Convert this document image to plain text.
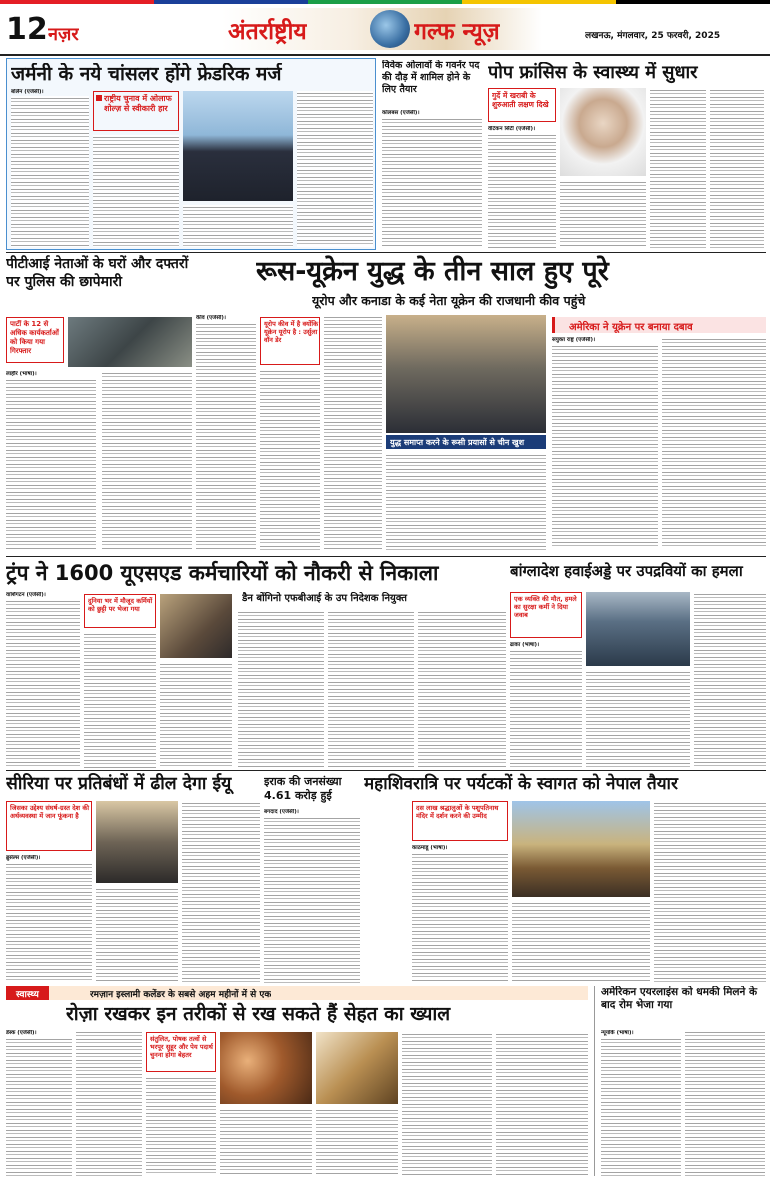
12 नज़र	अंतर्राष्ट्रीय	गल्फ न्यूज़	लखनऊ, मंगलवार, 25 फरवरी, 2025
जर्मनी के नये चांसलर होंगे फ्रेडरिक मर्ज
बर्लिन (एजेंसी)।
राष्ट्रीय चुनाव में ओलाफ शोल्ज़ से स्वीकारी हार
विवेक ओलावों के गवर्नर पद की दौड़ में शामिल होने के लिए तैयार
कोलंबस (एजेंसी)।
पोप फ्रांसिस के स्वास्थ्य में सुधार
गुर्दे में खराबी के शुरुआती लक्षण दिखे
वेटिकन सिटी (एजेंसी)।
पीटीआई नेताओं के घरों और दफ्तरों पर पुलिस की छापेमारी
पार्टी के 12 से अधिक कार्यकर्ताओं को किया गया गिरफ्तार
लाहौर (भाषा)।
रूस-यूक्रेन युद्ध के तीन साल हुए पूरे
यूरोप और कनाडा के कई नेता यूक्रेन की राजधानी कीव पहुंचे
कीव (एजेंसी)।
यूरोप कीव में है क्योंकि यूक्रेन यूरोप है : उर्सुला वॉन डेर
युद्ध समाप्त करने के रूसी प्रयासों से चीन खुश
अमेरिका ने यूक्रेन पर बनाया दबाव
संयुक्त राष्ट्र (एजेंसी)।
ट्रंप ने 1600 यूएसएड कर्मचारियों को नौकरी से निकाला
वाशिंगटन (एजेंसी)।
दुनिया भर में मौजूद कर्मियों को छुट्टी पर भेजा गया
डैन बोंगिनो एफबीआई के उप निदेशक नियुक्त
बांग्लादेश हवाईअड्डे पर उपद्रवियों का हमला
एक व्यक्ति की मौत, हमले का सुरक्षा कर्मी ने दिया जवाब
ढाका (भाषा)।
सीरिया पर प्रतिबंधों में ढील देगा ईयू
जिसका उद्देश्य संघर्ष-ग्रस्त देश की अर्थव्यवस्था में जान फूंकना है
ब्रुसेल्स (एजेंसी)।
इराक की जनसंख्या 4.61 करोड़ हुई
बगदाद (एजेंसी)।
महाशिवरात्रि पर पर्यटकों के स्वागत को नेपाल तैयार
दस लाख श्रद्धालुओं के पशुपतिनाथ मंदिर में दर्शन करने की उम्मीद
काठमांडू (भाषा)।
स्वास्थ्य	रमज़ान इस्लामी कलेंडर के सबसे अहम महीनों में से एक
रोज़ा रखकर इन तरीकों से रख सकते हैं सेहत का ख्याल
डेस्क (एजेंसी)।
संतुलित, पोषक तत्वों से भरपूर सुहूर और पेय पदार्थ चुनना होगा बेहतर
अमेरिकन एयरलाइंस को धमकी मिलने के बाद रोम भेजा गया
न्यूयॉर्क (भाषा)।
